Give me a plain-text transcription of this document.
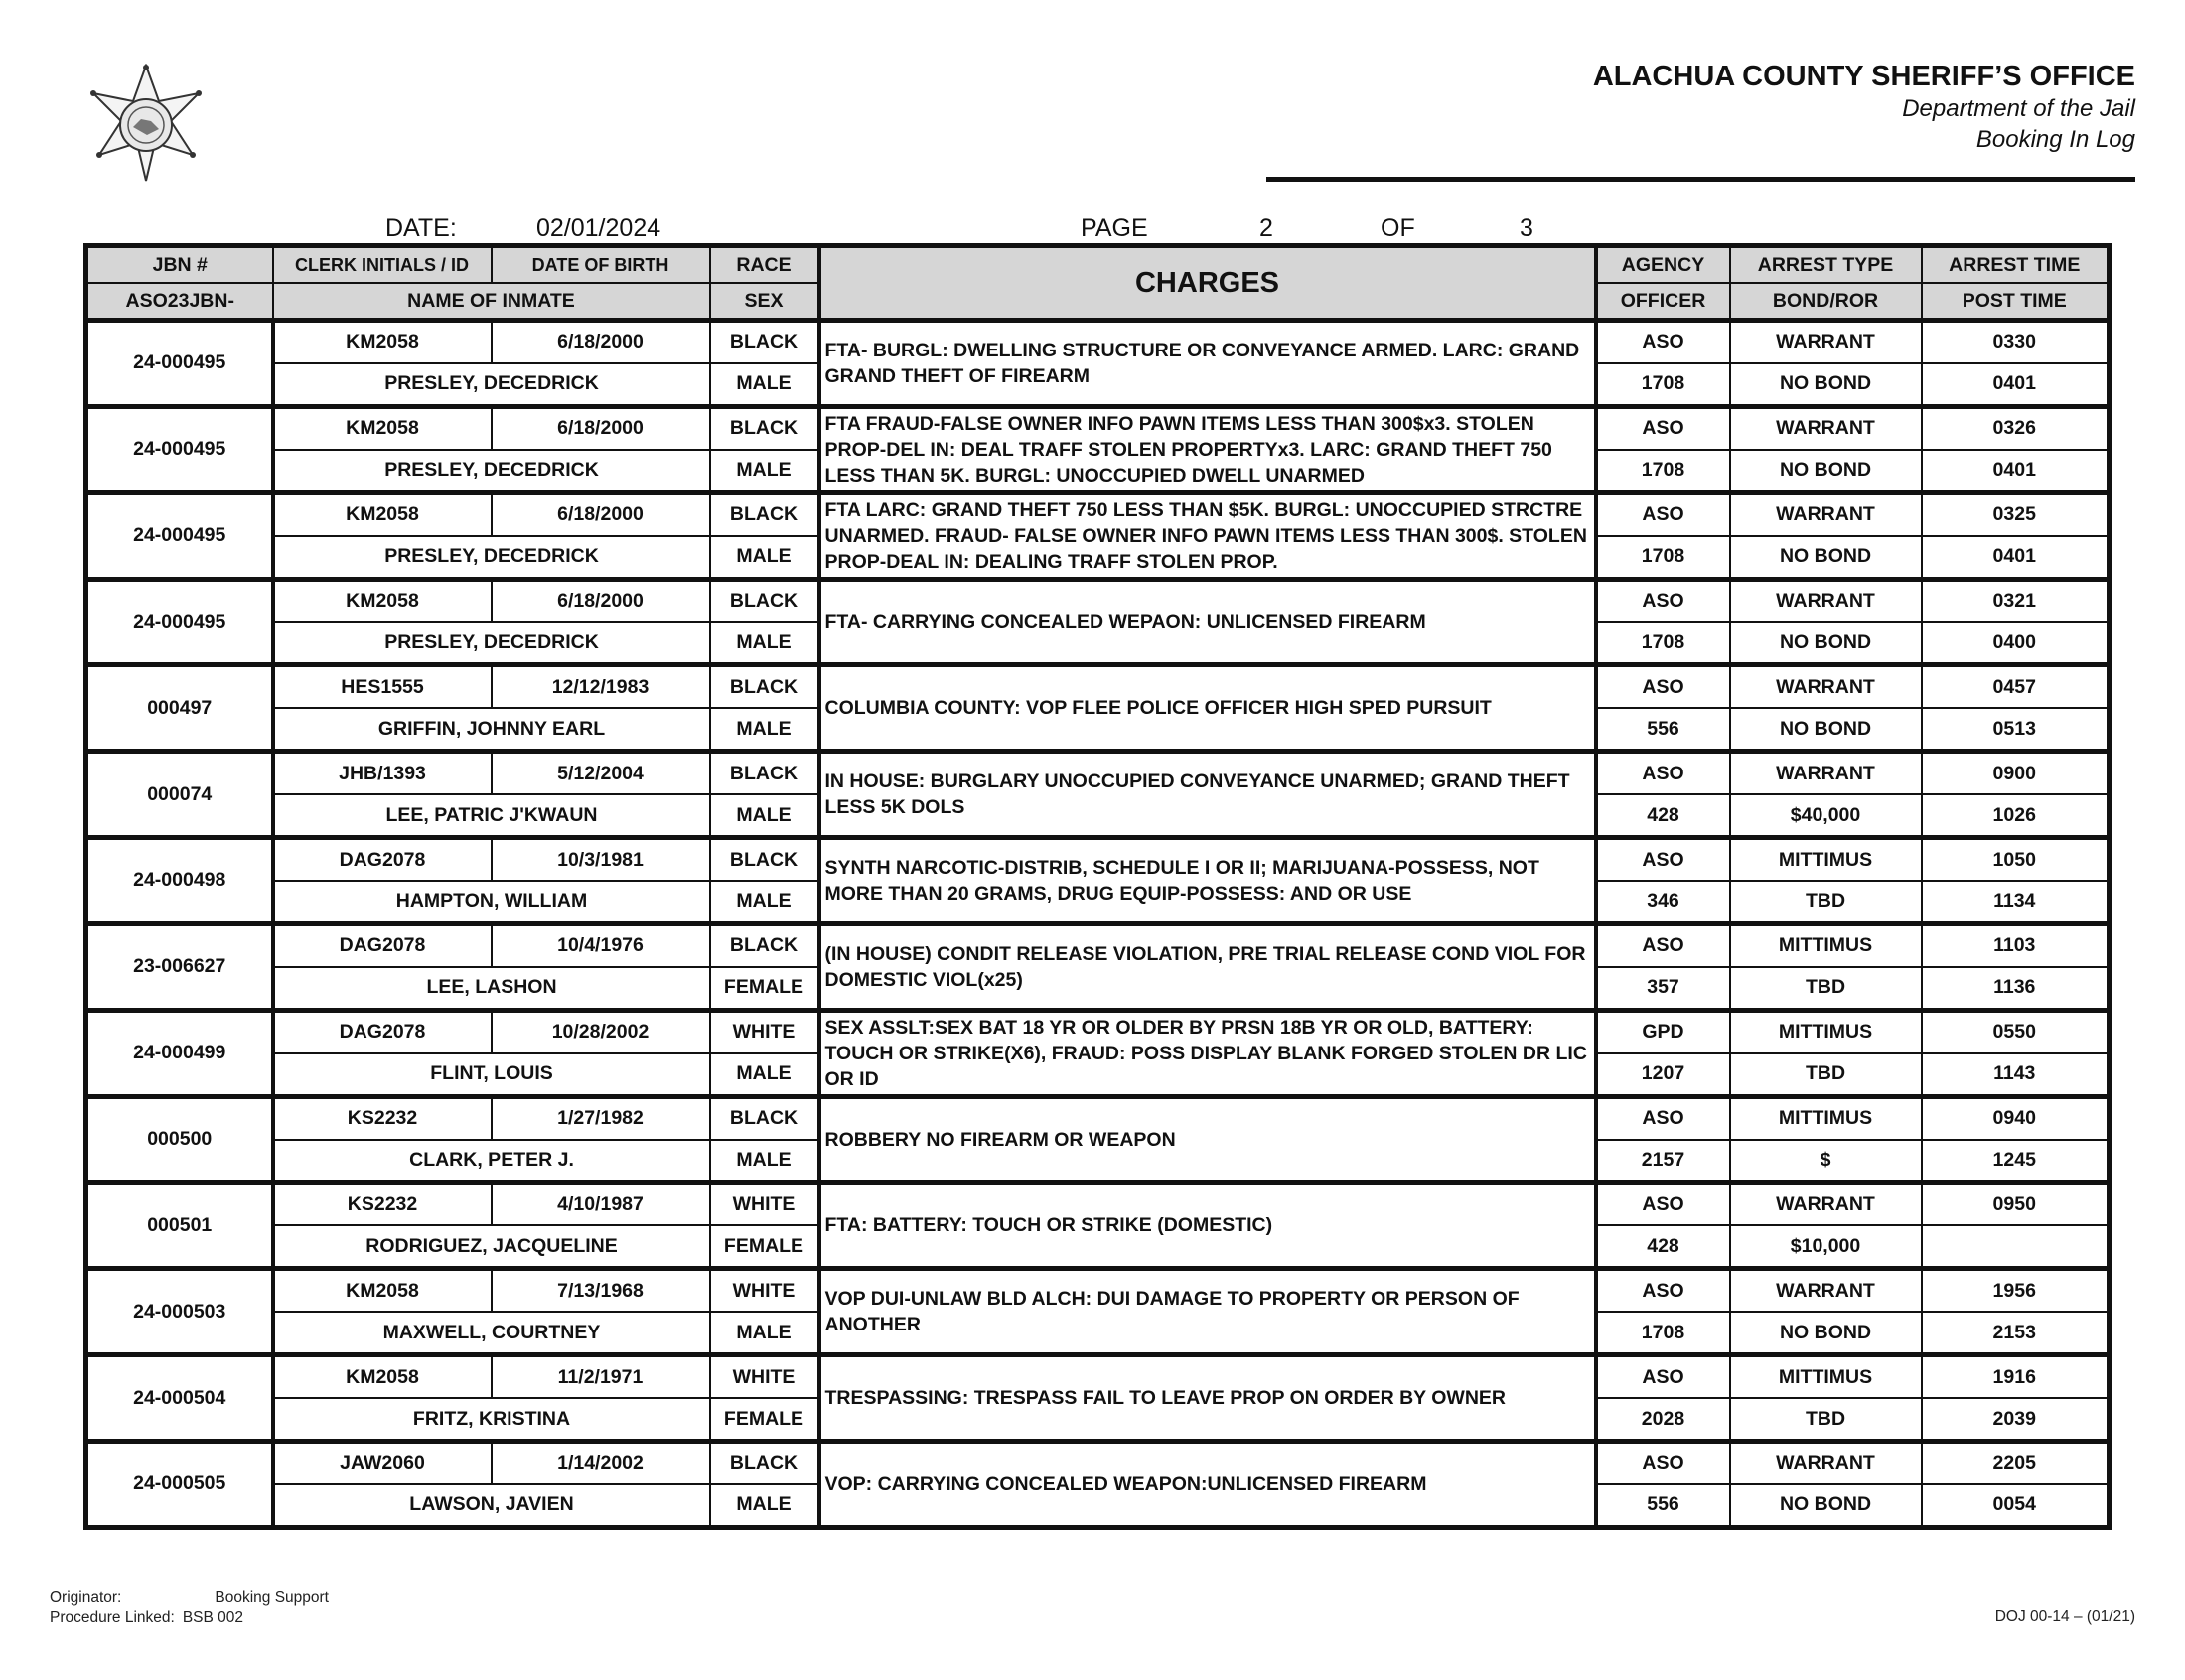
ALACHUA COUNTY SHERIFF’S OFFICE
Department of the Jail
Booking In Log
DATE:	02/01/2024	PAGE	2	OF	3
JBN #	CLERK INITIALS / ID	DATE OF BIRTH	RACE	CHARGES	AGENCY	ARREST TYPE	ARREST TIME
ASO23JBN-	NAME OF INMATE		SEX		OFFICER	BOND/ROR	POST TIME
24-000495	KM2058	6/18/2000	BLACK	FTA- BURGL: DWELLING STRUCTURE OR CONVEYANCE ARMED. LARC: GRAND GRAND THEFT OF FIREARM	ASO	WARRANT	0330
	PRESLEY, DECEDRICK		MALE		1708	NO BOND	0401
24-000495	KM2058	6/18/2000	BLACK	FTA FRAUD-FALSE OWNER INFO PAWN ITEMS LESS THAN 300$x3. STOLEN PROP-DEL IN: DEAL TRAFF STOLEN PROPERTYx3. LARC: GRAND THEFT 750 LESS THAN 5K. BURGL: UNOCCUPIED DWELL UNARMED	ASO	WARRANT	0326
	PRESLEY, DECEDRICK		MALE		1708	NO BOND	0401
24-000495	KM2058	6/18/2000	BLACK	FTA LARC: GRAND THEFT 750 LESS THAN $5K. BURGL: UNOCCUPIED STRCTRE UNARMED. FRAUD- FALSE OWNER INFO PAWN ITEMS LESS THAN 300$. STOLEN PROP-DEAL IN: DEALING TRAFF STOLEN PROP.	ASO	WARRANT	0325
	PRESLEY, DECEDRICK		MALE		1708	NO BOND	0401
24-000495	KM2058	6/18/2000	BLACK	FTA- CARRYING CONCEALED WEPAON: UNLICENSED FIREARM	ASO	WARRANT	0321
	PRESLEY, DECEDRICK		MALE		1708	NO BOND	0400
000497	HES1555	12/12/1983	BLACK	COLUMBIA COUNTY: VOP FLEE POLICE OFFICER HIGH SPED PURSUIT	ASO	WARRANT	0457
	GRIFFIN, JOHNNY EARL		MALE		556	NO BOND	0513
000074	JHB/1393	5/12/2004	BLACK	IN HOUSE: BURGLARY UNOCCUPIED CONVEYANCE UNARMED; GRAND THEFT LESS 5K DOLS	ASO	WARRANT	0900
	LEE, PATRIC J'KWAUN		MALE		428	$40,000	1026
24-000498	DAG2078	10/3/1981	BLACK	SYNTH NARCOTIC-DISTRIB, SCHEDULE I OR II; MARIJUANA-POSSESS, NOT MORE THAN 20 GRAMS, DRUG EQUIP-POSSESS: AND OR USE	ASO	MITTIMUS	1050
	HAMPTON, WILLIAM		MALE		346	TBD	1134
23-006627	DAG2078	10/4/1976	BLACK	(IN HOUSE) CONDIT RELEASE VIOLATION, PRE TRIAL RELEASE COND VIOL FOR DOMESTIC VIOL(x25)	ASO	MITTIMUS	1103
	LEE, LASHON		FEMALE		357	TBD	1136
24-000499	DAG2078	10/28/2002	WHITE	SEX ASSLT:SEX BAT 18 YR OR OLDER BY PRSN 18B YR OR OLD, BATTERY: TOUCH OR STRIKE(X6), FRAUD: POSS DISPLAY BLANK FORGED STOLEN DR LIC OR ID	GPD	MITTIMUS	0550
	FLINT, LOUIS		MALE		1207	TBD	1143
000500	KS2232	1/27/1982	BLACK	ROBBERY NO FIREARM OR WEAPON	ASO	MITTIMUS	0940
	CLARK, PETER J.		MALE		2157	$	1245
000501	KS2232	4/10/1987	WHITE	FTA: BATTERY: TOUCH OR STRIKE (DOMESTIC)	ASO	WARRANT	0950
	RODRIGUEZ, JACQUELINE		FEMALE		428	$10,000	
24-000503	KM2058	7/13/1968	WHITE	VOP DUI-UNLAW BLD ALCH: DUI DAMAGE TO PROPERTY OR PERSON OF ANOTHER	ASO	WARRANT	1956
	MAXWELL, COURTNEY		MALE		1708	NO BOND	2153
24-000504	KM2058	11/2/1971	WHITE	TRESPASSING: TRESPASS FAIL TO LEAVE PROP ON ORDER BY OWNER	ASO	MITTIMUS	1916
	FRITZ, KRISTINA		FEMALE		2028	TBD	2039
24-000505	JAW2060	1/14/2002	BLACK	VOP: CARRYING CONCEALED WEAPON:UNLICENSED FIREARM	ASO	WARRANT	2205
	LAWSON, JAVIEN		MALE		556	NO BOND	0054
Originator:	Booking Support
Procedure Linked: BSB 002	DOJ 00-14 – (01/21)
